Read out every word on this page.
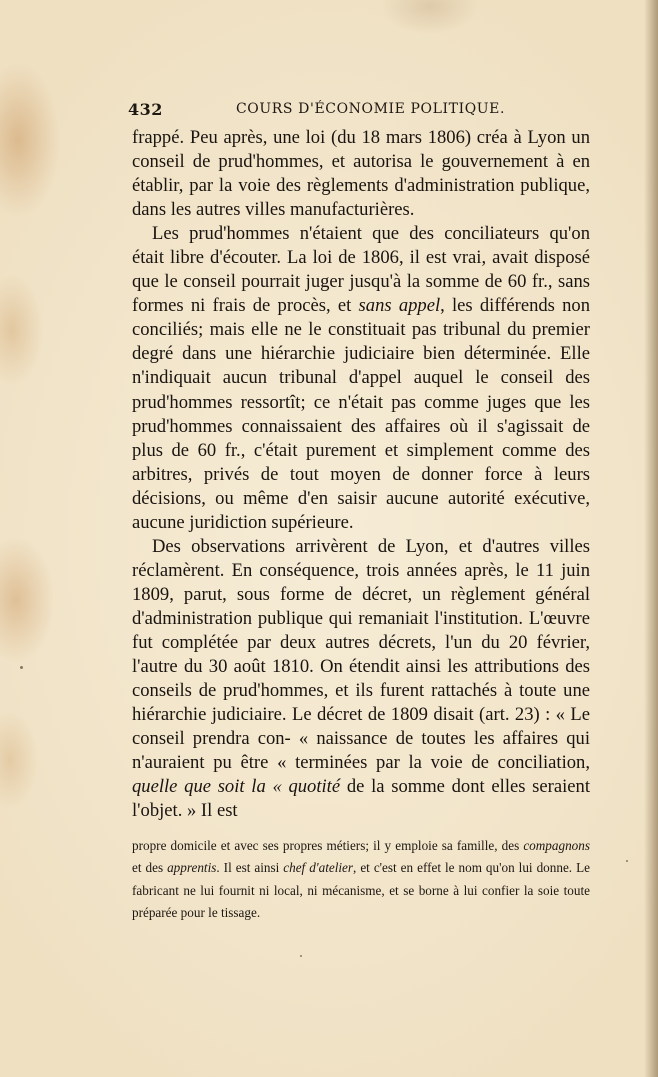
432	COURS D'ÉCONOMIE POLITIQUE.

frappé. Peu après, une loi (du 18 mars 1806) créa à Lyon un conseil de prud'hommes, et autorisa le gouvernement à en établir, par la voie des règlements d'administration publique, dans les autres villes manufacturières.

Les prud'hommes n'étaient que des conciliateurs qu'on était libre d'écouter. La loi de 1806, il est vrai, avait disposé que le conseil pourrait juger jusqu'à la somme de 60 fr., sans formes ni frais de procès, et sans appel, les différends non conciliés; mais elle ne le constituait pas tribunal du premier degré dans une hiérarchie judiciaire bien déterminée. Elle n'indiquait aucun tribunal d'appel auquel le conseil des prud'hommes ressortît; ce n'était pas comme juges que les prud'hommes connaissaient des affaires où il s'agissait de plus de 60 fr., c'était purement et simplement comme des arbitres, privés de tout moyen de donner force à leurs décisions, ou même d'en saisir aucune autorité exécutive, aucune juridiction supérieure.

Des observations arrivèrent de Lyon, et d'autres villes réclamèrent. En conséquence, trois années après, le 11 juin 1809, parut, sous forme de décret, un règlement général d'administration publique qui remaniait l'institution. L'œuvre fut complétée par deux autres décrets, l'un du 20 février, l'autre du 30 août 1810. On étendit ainsi les attributions des conseils de prud'hommes, et ils furent rattachés à toute une hiérarchie judiciaire. Le décret de 1809 disait (art. 23) : « Le conseil prendra con- « naissance de toutes les affaires qui n'auraient pu être « terminées par la voie de conciliation, quelle que soit la « quotité de la somme dont elles seraient l'objet. » Il est

propre domicile et avec ses propres métiers; il y emploie sa famille, des compagnons et des apprentis. Il est ainsi chef d'atelier, et c'est en effet le nom qu'on lui donne. Le fabricant ne lui fournit ni local, ni mécanisme, et se borne à lui confier la soie toute préparée pour le tissage.
